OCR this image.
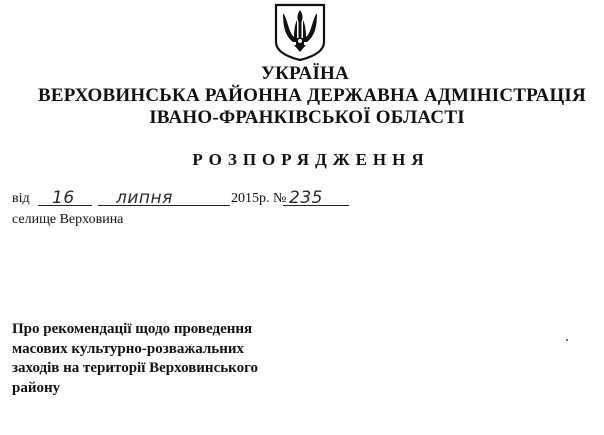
УКРАЇНА
ВЕРХОВИНСЬКА РАЙОННА ДЕРЖАВНА АДМІНІСТРАЦІЯ
ІВАНО-ФРАНКІВСЬКОЇ ОБЛАСТІ
РОЗПОРЯДЖЕННЯ
від 16 липня	2015р. № 235
селище Верховина
Про рекомендації щодо проведення
масових культурно-розважальних
заходів на території Верховинського
району
